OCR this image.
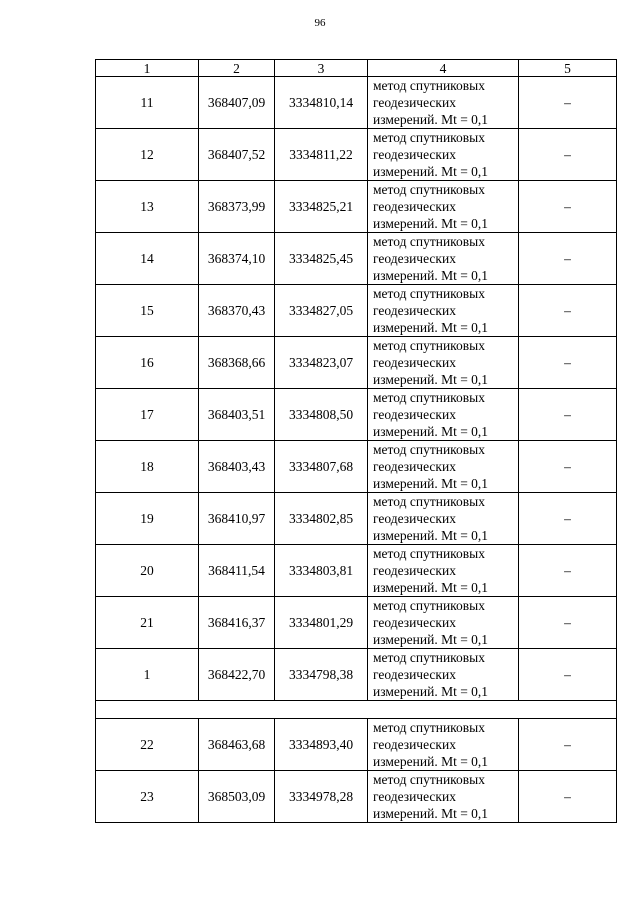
96
1	2	3	4	5
11	368407,09	3334810,14	метод спутниковых
геодезических
измерений. Mt = 0,1	–
12	368407,52	3334811,22	метод спутниковых
геодезических
измерений. Mt = 0,1	–
13	368373,99	3334825,21	метод спутниковых
геодезических
измерений. Mt = 0,1	–
14	368374,10	3334825,45	метод спутниковых
геодезических
измерений. Mt = 0,1	–
15	368370,43	3334827,05	метод спутниковых
геодезических
измерений. Mt = 0,1	–
16	368368,66	3334823,07	метод спутниковых
геодезических
измерений. Mt = 0,1	–
17	368403,51	3334808,50	метод спутниковых
геодезических
измерений. Mt = 0,1	–
18	368403,43	3334807,68	метод спутниковых
геодезических
измерений. Mt = 0,1	–
19	368410,97	3334802,85	метод спутниковых
геодезических
измерений. Mt = 0,1	–
20	368411,54	3334803,81	метод спутниковых
геодезических
измерений. Mt = 0,1	–
21	368416,37	3334801,29	метод спутниковых
геодезических
измерений. Mt = 0,1	–
1	368422,70	3334798,38	метод спутниковых
геодезических
измерений. Mt = 0,1	–

22	368463,68	3334893,40	метод спутниковых
геодезических
измерений. Mt = 0,1	–
23	368503,09	3334978,28	метод спутниковых
геодезических
измерений. Mt = 0,1	–
